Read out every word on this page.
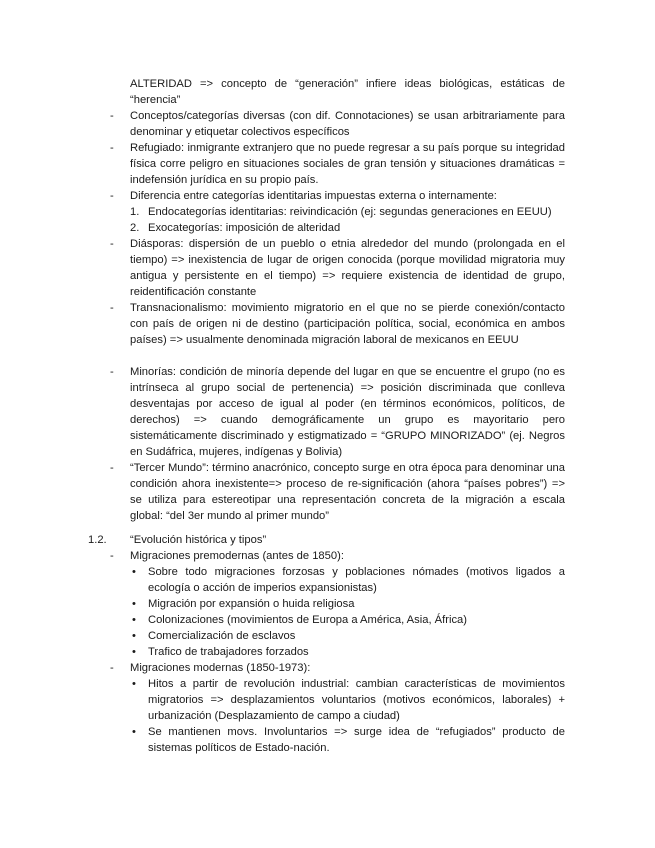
ALTERIDAD => concepto de “generación” infiere ideas biológicas, estáticas de “herencia”

- Conceptos/categorías diversas (con dif. Connotaciones) se usan arbitrariamente para denominar y etiquetar colectivos específicos

- Refugiado: inmigrante extranjero que no puede regresar a su país porque su integridad física corre peligro en situaciones sociales de gran tensión y situaciones dramáticas = indefensión jurídica en su propio país.

- Diferencia entre categorías identitarias impuestas externa o internamente:

1. Endocategorías identitarias: reivindicación (ej: segundas generaciones en EEUU)

2. Exocategorías: imposición de alteridad

- Diásporas: dispersión de un pueblo o etnia alrededor del mundo (prolongada en el tiempo) => inexistencia de lugar de origen conocida (porque movilidad migratoria muy antigua y persistente en el tiempo) => requiere existencia de identidad de grupo, reidentificación constante

- Transnacionalismo: movimiento migratorio en el que no se pierde conexión/contacto con país de origen ni de destino (participación política, social, económica en ambos países) => usualmente denominada migración laboral de mexicanos en EEUU

- Minorías: condición de minoría depende del lugar en que se encuentre el grupo (no es intrínseca al grupo social de pertenencia) => posición discriminada que conlleva desventajas por acceso de igual al poder (en términos económicos, políticos, de derechos) => cuando demográficamente un grupo es mayoritario pero sistemáticamente discriminado y estigmatizado = “GRUPO MINORIZADO” (ej. Negros en Sudáfrica, mujeres, indígenas y Bolivia)

- “Tercer Mundo”: término anacrónico, concepto surge en otra época para denominar una condición ahora inexistente=> proceso de re-significación (ahora “países pobres”) => se utiliza para estereotipar una representación concreta de la migración a escala global: “del 3er mundo al primer mundo”

1.2. “Evolución histórica y tipos”
- Migraciones premodernas (antes de 1850):

• Sobre todo migraciones forzosas y poblaciones nómades (motivos ligados a ecología o acción de imperios expansionistas)

• Migración por expansión o huida religiosa

• Colonizaciones (movimientos de Europa a América, Asia, África)

• Comercialización de esclavos

• Trafico de trabajadores forzados

- Migraciones modernas (1850-1973):

• Hitos a partir de revolución industrial: cambian características de movimientos migratorios => desplazamientos voluntarios (motivos económicos, laborales) + urbanización (Desplazamiento de campo a ciudad)

• Se mantienen movs. Involuntarios => surge idea de “refugiados” producto de sistemas políticos de Estado-nación.
